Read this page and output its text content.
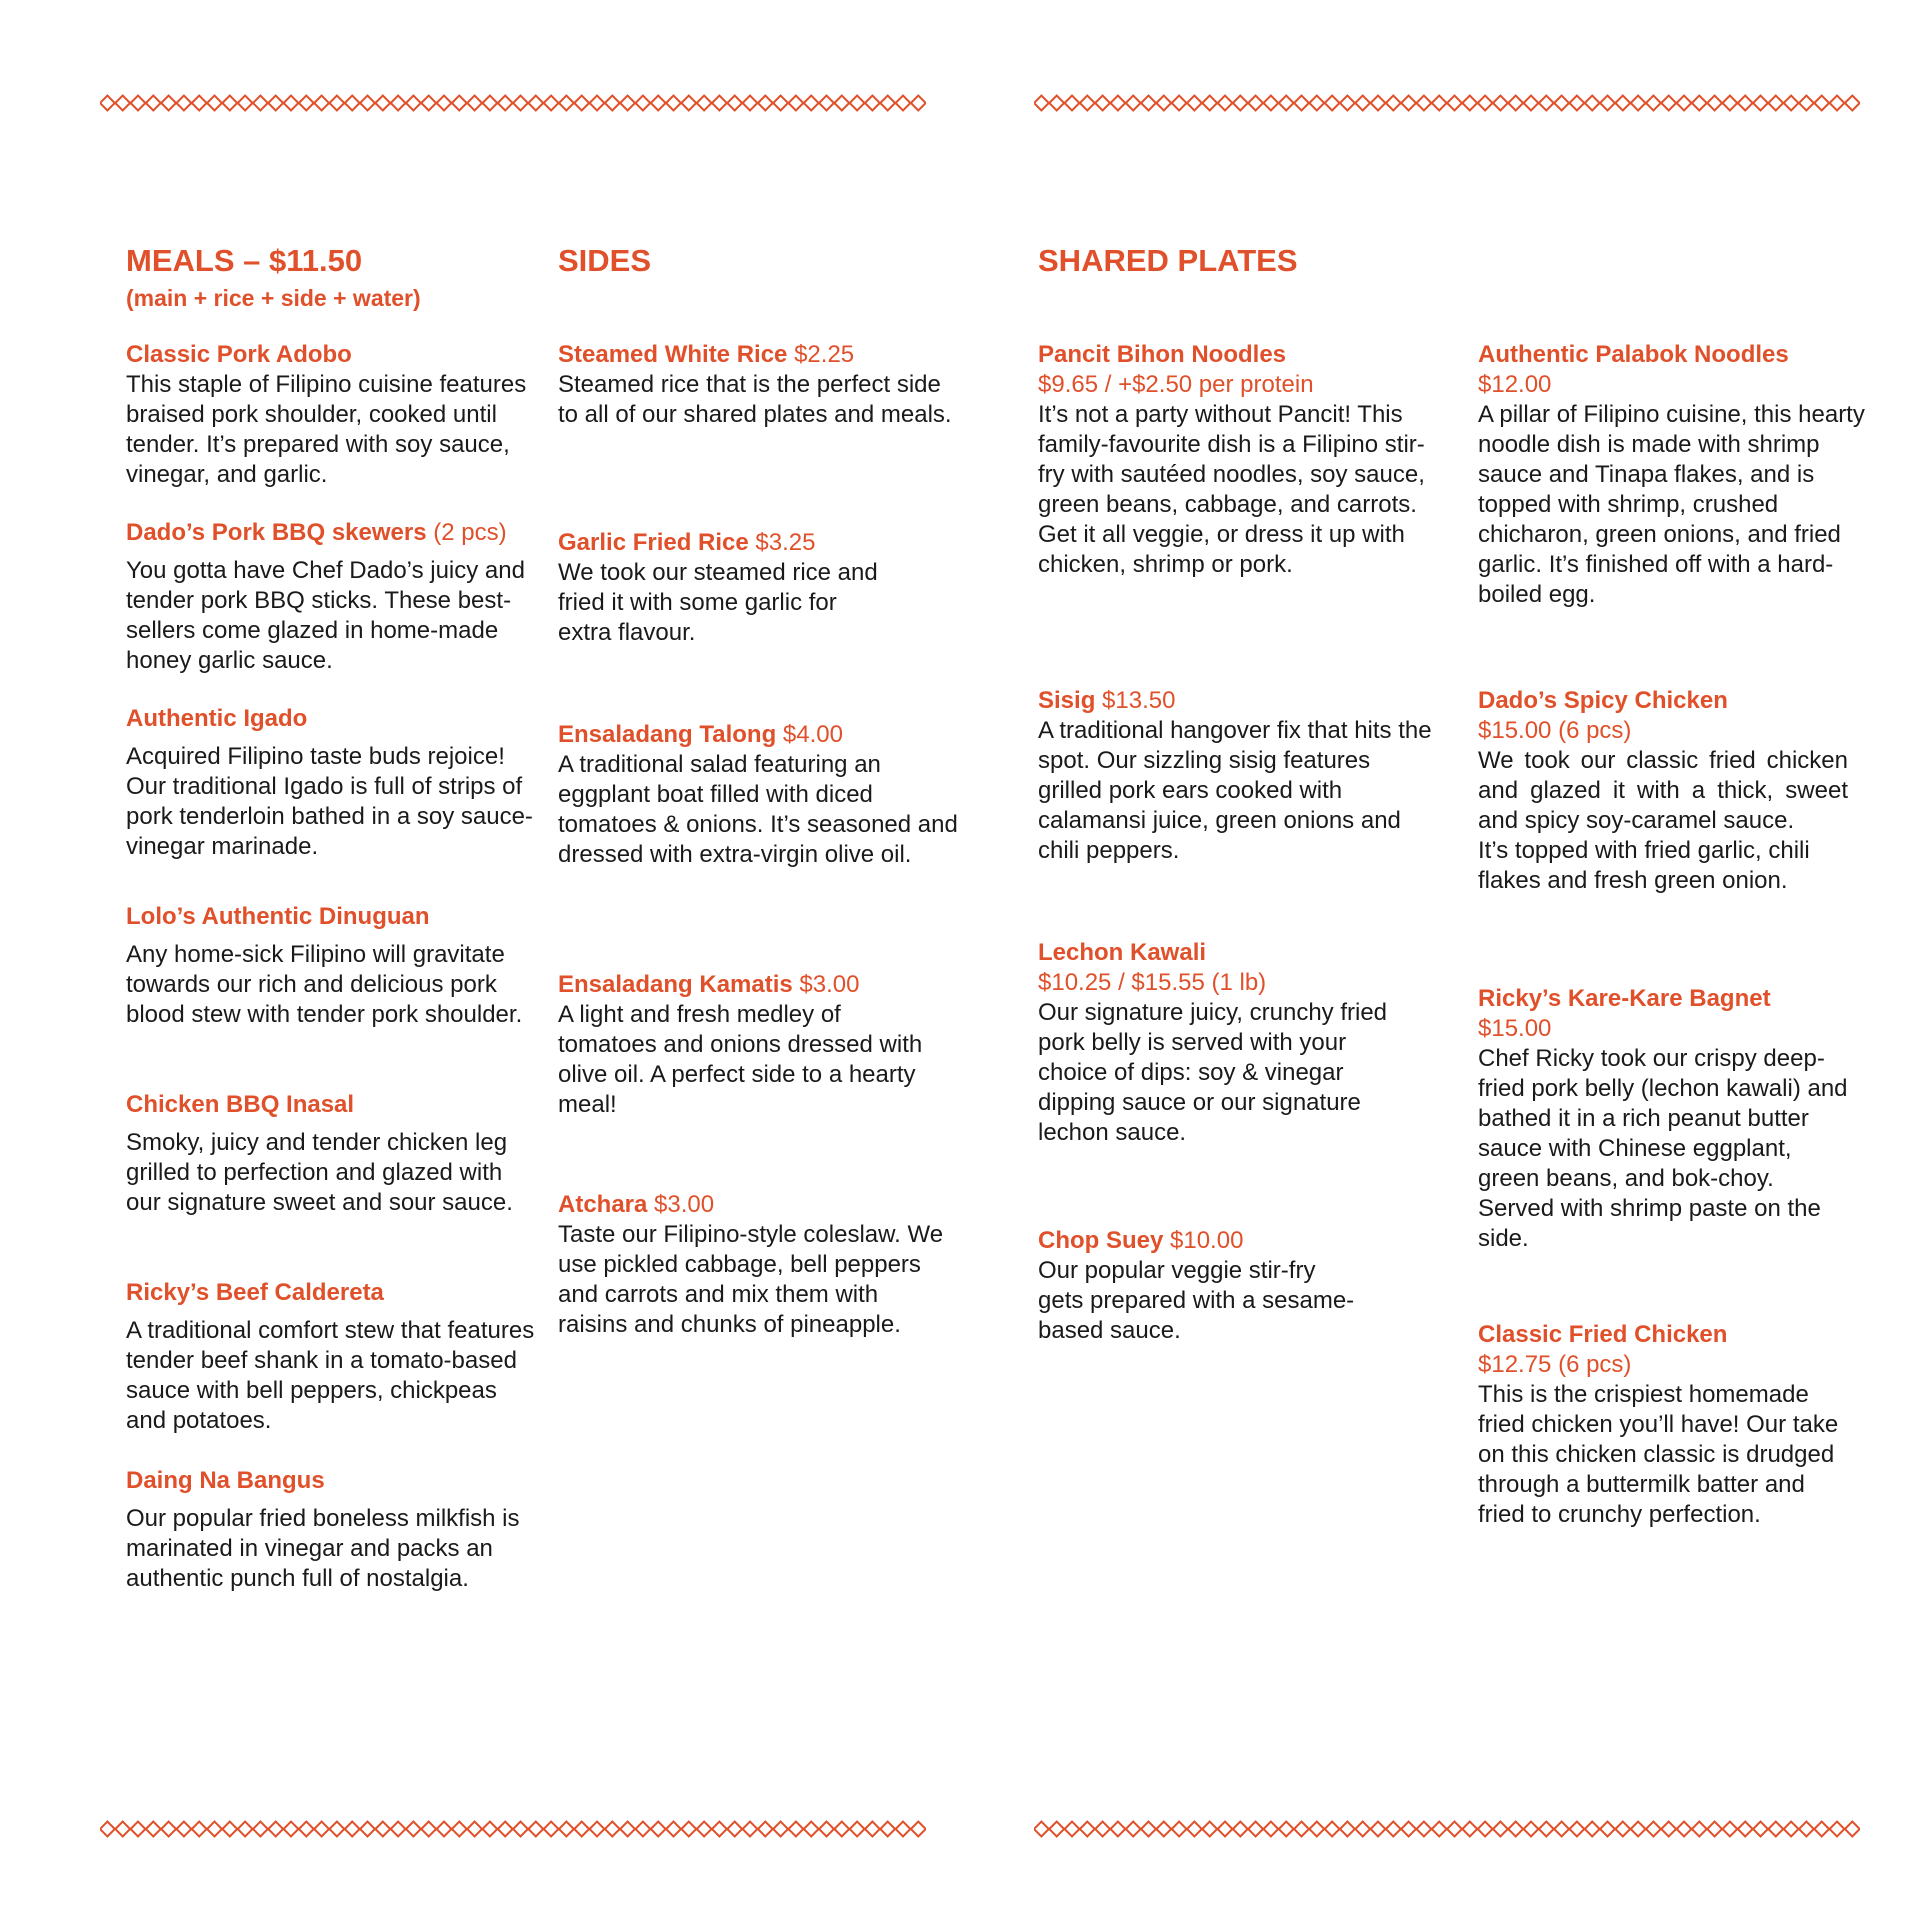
MEALS – $11.50

(main + rice + side + water)

Classic Pork Adobo

This staple of Filipino cuisine features braised pork shoulder, cooked until tender. It’s prepared with soy sauce, vinegar, and garlic.

Dado’s Pork BBQ skewers (2 pcs)

You gotta have Chef Dado’s juicy and tender pork BBQ sticks. These best-sellers come glazed in home-made honey garlic sauce.

Authentic Igado

Acquired Filipino taste buds rejoice! Our traditional Igado is full of strips of pork tenderloin bathed in a soy sauce-vinegar marinade.

Lolo’s Authentic Dinuguan

Any home-sick Filipino will gravitate towards our rich and delicious pork blood stew with tender pork shoulder.

Chicken BBQ Inasal

Smoky, juicy and tender chicken leg grilled to perfection and glazed with our signature sweet and sour sauce.

Ricky’s Beef Caldereta

A traditional comfort stew that features tender beef shank in a tomato-based sauce with bell peppers, chickpeas and potatoes.

Daing Na Bangus

Our popular fried boneless milkfish is marinated in vinegar and packs an authentic punch full of nostalgia.

SIDES
Steamed White Rice $2.25

Steamed rice that is the perfect side to all of our shared plates and meals.

Garlic Fried Rice $3.25

We took our steamed rice and fried it with some garlic for extra flavour.

Ensaladang Talong $4.00

A traditional salad featuring an eggplant boat filled with diced tomatoes & onions. It’s seasoned and dressed with extra-virgin olive oil.

Ensaladang Kamatis $3.00

A light and fresh medley of tomatoes and onions dressed with olive oil. A perfect side to a hearty meal!

Atchara $3.00

Taste our Filipino-style coleslaw. We use pickled cabbage, bell peppers and carrots and mix them with raisins and chunks of pineapple.

SHARED PLATES
Pancit Bihon Noodles
$9.65 / +$2.50 per protein

It’s not a party without Pancit! This family-favourite dish is a Filipino stir-fry with sautéed noodles, soy sauce, green beans, cabbage, and carrots. Get it all veggie, or dress it up with chicken, shrimp or pork.

Sisig $13.50

A traditional hangover fix that hits the spot. Our sizzling sisig features grilled pork ears cooked with calamansi juice, green onions and chili peppers.

Lechon Kawali
$10.25 / $15.55 (1 lb)

Our signature juicy, crunchy fried pork belly is served with your choice of dips: soy & vinegar dipping sauce or our signature lechon sauce.

Chop Suey $10.00

Our popular veggie stir-fry gets prepared with a sesame- based sauce.

Authentic Palabok Noodles
$12.00

A pillar of Filipino cuisine, this hearty noodle dish is made with shrimp sauce and Tinapa flakes, and is topped with shrimp, crushed chicharon, green onions, and fried garlic. It’s finished off with a hard-boiled egg.

Dado’s Spicy Chicken
$15.00 (6 pcs)

We took our classic fried chicken and glazed it with a thick, sweet and spicy soy-caramel sauce.

It’s topped with fried garlic, chili flakes and fresh green onion.

Ricky’s Kare-Kare Bagnet
$15.00

Chef Ricky took our crispy deep-fried pork belly (lechon kawali) and bathed it in a rich peanut butter sauce with Chinese eggplant, green beans, and bok-choy. Served with shrimp paste on the side.

Classic Fried Chicken
$12.75 (6 pcs)

This is the crispiest homemade fried chicken you’ll have! Our take on this chicken classic is drudged through a buttermilk batter and fried to crunchy perfection.
